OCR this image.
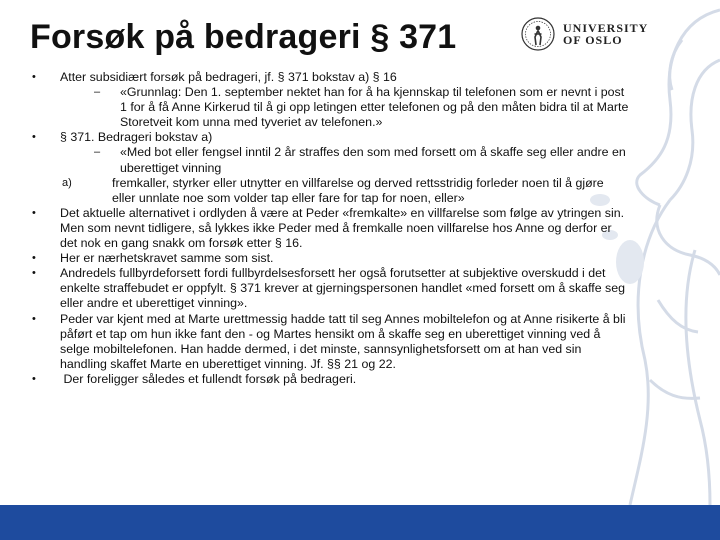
Forsøk på bedrageri § 371	UNIVERSITY
OF OSLO
• Atter subsidiært forsøk på bedrageri, jf. § 371 bokstav a) § 16
– «Grunnlag: Den 1. september nektet han for å ha kjennskap til telefonen som er nevnt i post 1 for å få Anne Kirkerud til å gi opp letingen etter telefonen og på den måten bidra til at Marte Storetveit kom unna med tyveriet av telefonen.»
• § 371. Bedrageri bokstav a)
– «Med bot eller fengsel inntil 2 år straffes den som med forsett om å skaffe seg eller andre en uberettiget vinning
a)	fremkaller, styrker eller utnytter en villfarelse og derved rettsstridig forleder noen til å gjøre eller unnlate noe som volder tap eller fare for tap for noen, eller»
• Det aktuelle alternativet i ordlyden å være at Peder «fremkalte» en villfarelse som følge av ytringen sin. Men som nevnt tidligere, så lykkes ikke Peder med å fremkalle noen villfarelse hos Anne og derfor er det nok en gang snakk om forsøk etter § 16.
• Her er nærhetskravet samme som sist.
• Andredels fullbyrdeforsett fordi fullbyrdelsesforsett her også forutsetter at subjektive overskudd i det enkelte straffebudet er oppfylt. § 371 krever at gjerningspersonen handlet «med forsett om å skaffe seg eller andre et uberettiget vinning».
• Peder var kjent med at Marte urettmessig hadde tatt til seg Annes mobiltelefon og at Anne risikerte å bli påført et tap om hun ikke fant den - og Martes hensikt om å skaffe seg en uberettiget vinning ved å selge mobiltelefonen. Han hadde dermed, i det minste, sannsynlighetsforsett om at han ved sin handling skaffet Marte en uberettiget vinning. Jf. §§ 21 og 22.
• Der foreligger således et fullendt forsøk på bedrageri.
